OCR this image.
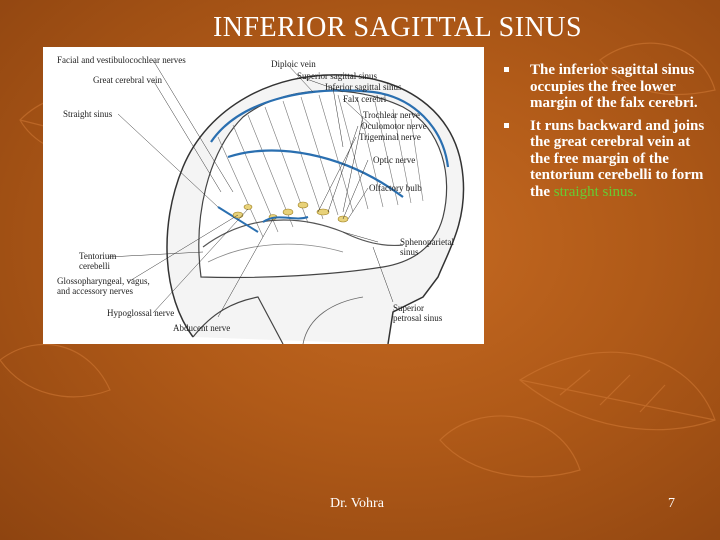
INFERIOR SAGITTAL SINUS
Facial and vestibulocochlear nerves
Great cerebral vein
Straight sinus
Diploic vein
Superior sagittal sinus
Inferior sagittal sinus
Falx cerebri
Trochlear nerve
Oculomotor nerve
Trigeminal nerve
Optic nerve
Olfactory bulb
Tentorium cerebelli
Glossopharyngeal, vagus, and accessory nerves
Hypoglossal nerve
Abducent nerve
Sphenoparietal sinus
Superior petrosal sinus
The inferior sagittal sinus occupies the free lower margin of the falx cerebri.
It runs backward and joins the great cerebral vein at the free margin of the tentorium cerebelli to form the straight sinus.
Dr. Vohra	7
